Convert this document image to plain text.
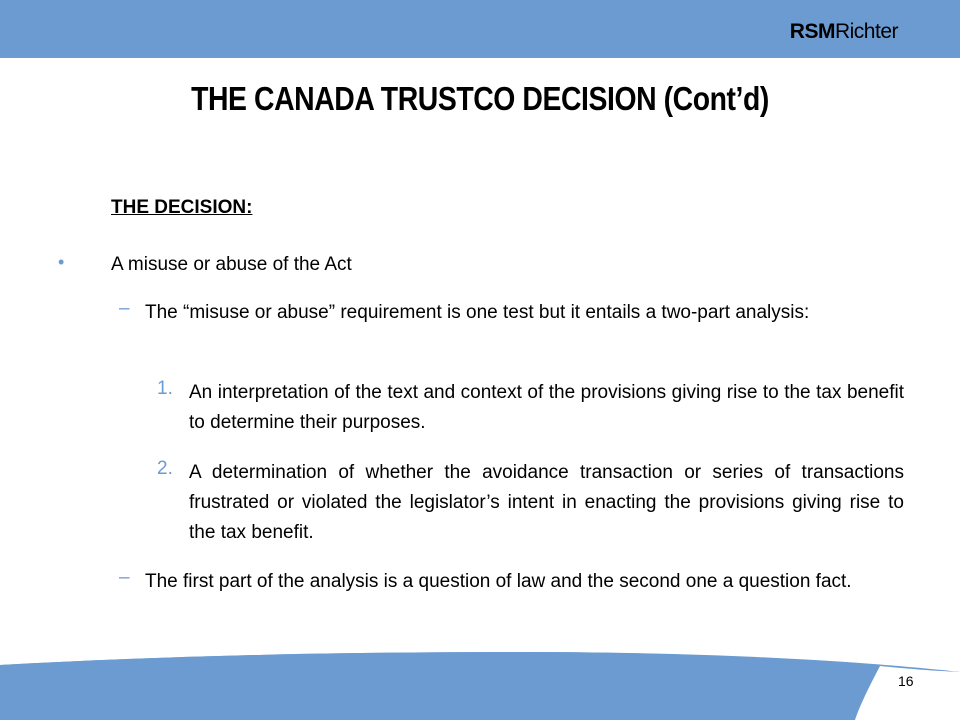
RSMRichter
THE CANADA TRUSTCO DECISION (Cont’d)
THE DECISION:
• A misuse or abuse of the Act
– The “misuse or abuse” requirement is one test but it entails a two-part analysis:
1. An interpretation of the text and context of the provisions giving rise to the tax benefit to determine their purposes.
2. A determination of whether the avoidance transaction or series of transactions frustrated or violated the legislator’s intent in enacting the provisions giving rise to the tax benefit.
– The first part of the analysis is a question of law and the second one a question fact.
16
